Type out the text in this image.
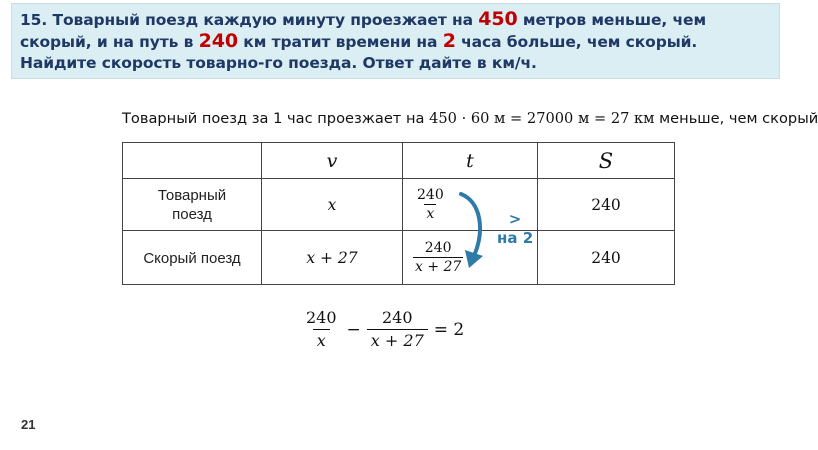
15. Товарный поезд каждую минуту проезжает на 450 метров меньше, чем скорый, и на путь в 240 км тратит времени на 2 часа больше, чем скорый. Найдите скорость товарно-го поезда. Ответ дайте в км/ч.
Товарный поезд за 1 час проезжает на 450 · 60 м = 27000 м = 27 км меньше, чем скорый
	v	t	S

Товарный поезд	x	$\frac{240}{x}$	240
Скорый поезд	x + 27	$\frac{240}{x + 27}$	240
>
на 2
$\frac{240}{x} - \frac{240}{x + 27} = 2$
21
